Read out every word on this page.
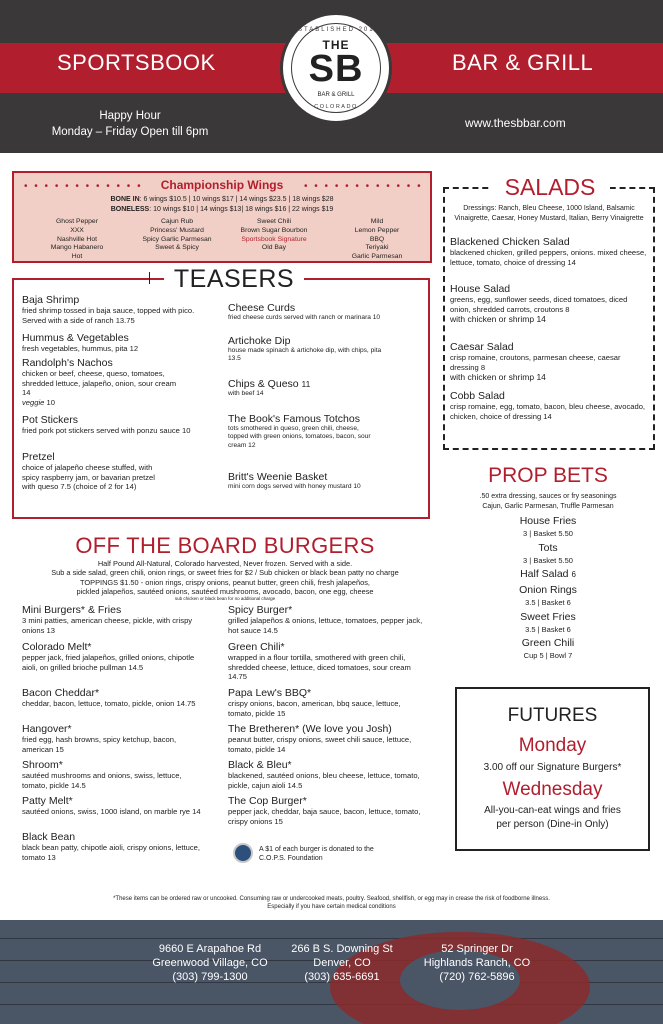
SPORTSBOOK	BAR & GRILL
ESTABLISHED 2012
THE
SB
BAR & GRILL
COLORADO
Happy Hour
Monday – Friday Open till 6pm
www.thesbbar.com
• • • • • • • • • • • •	• • • • • • • • • • • •
Championship Wings
BONE IN: 6 wings $10.5 | 10 wings $17 | 14 wings $23.5 | 18 wings $28
BONELESS: 10 wings $10 | 14 wings $13| 18 wings $16 | 22 wings $19
Ghost Pepper
XXX
Nashville Hot
Mango Habanero
Hot
Cajun Rub
Princess' Mustard
Spicy Garlic Parmesan
Sweet & Spicy
Sweet Chili
Brown Sugar Bourbon
Sportsbook Signature
Old Bay
Mild
Lemon Pepper
BBQ
Teriyaki
Garlic Parmesan
TEASERS
Baja Shrimp
fried shrimp tossed in baja sauce, topped with pico. Served with a side of ranch 13.75
Hummus & Vegetables
fresh vegetables, hummus, pita 12
Randolph's Nachos
chicken or beef, cheese, queso, tomatoes, shredded lettuce, jalapeño, onion, sour cream 14
veggie 10
Pot Stickers
fried pork pot stickers served with ponzu sauce 10
Pretzel
choice of jalapeño cheese stuffed, with spicy raspberry jam, or bavarian pretzel with queso 7.5 (choice of 2 for 14)
Cheese Curds
fried cheese curds served with ranch or marinara 10
Artichoke Dip
house made spinach & artichoke dip, with chips, pita 13.5
Chips & Queso 11
with beef 14
The Book's Famous Totchos
tots smothered in queso, green chili, cheese, topped with green onions, tomatoes, bacon, sour cream 12
Britt's Weenie Basket
mini corn dogs served with honey mustard 10
SALADS
Dressings: Ranch, Bleu Cheese, 1000 Island, Balsamic Vinaigrette, Caesar, Honey Mustard, Italian, Berry Vinaigrette
Blackened Chicken Salad
blackened chicken, grilled peppers, onions. mixed cheese, lettuce, tomato, choice of dressing 14
House Salad
greens, egg, sunflower seeds, diced tomatoes, diced onion, shredded carrots, croutons 8
with chicken or shrimp 14
Caesar Salad
crisp romaine, croutons, parmesan cheese, caesar dressing 8
with chicken or shrimp 14
Cobb Salad
crisp romaine, egg, tomato, bacon, bleu cheese, avocado, chicken, choice of dressing 14
PROP BETS
.50 extra dressing, sauces or fry seasonings
Cajun, Garlic Parmesan, Truffle Parmesan
House Fries
3 | Basket 5.50
Tots
3 | Basket 5.50
Half Salad 6
Onion Rings
3.5 | Basket 6
Sweet Fries
3.5 | Basket 6
Green Chili
Cup 5 | Bowl 7
FUTURES
Monday
3.00 off our Signature Burgers*
Wednesday
All-you-can-eat wings and fries
per person (Dine-in Only)
OFF THE BOARD BURGERS
Half Pound All-Natural, Colorado harvested, Never frozen. Served with a side.
Sub a side salad, green chili, onion rings, or sweet fries for $2 / Sub chicken or black bean patty no charge
TOPPINGS $1.50 - onion rings, crispy onions, peanut butter, green chili, fresh jalapeños,
pickled jalapeños, sautéed onions, sautéed mushrooms, avocado, bacon, one egg, cheese
sub chicken or black bean for no additional charge
Mini Burgers* & Fries
3 mini patties, american cheese, pickle, with crispy onions 13
Colorado Melt*
pepper jack, fried jalapeños, grilled onions, chipotle aioli, on grilled brioche pullman 14.5
Bacon Cheddar*
cheddar, bacon, lettuce, tomato, pickle, onion 14.75
Hangover*
fried egg, hash browns, spicy ketchup, bacon, american 15
Shroom*
sautéed mushrooms and onions, swiss, lettuce, tomato, pickle 14.5
Patty Melt*
sautéed onions, swiss, 1000 island, on marble rye 14
Black Bean
black bean patty, chipotle aioli, crispy onions, lettuce, tomato 13
Spicy Burger*
grilled jalapeños & onions, lettuce, tomatoes, pepper jack, hot sauce 14.5
Green Chili*
wrapped in a flour tortilla, smothered with green chili, shredded cheese, lettuce, diced tomatoes, sour cream 14.75
Papa Lew's BBQ*
crispy onions, bacon, american, bbq sauce, lettuce, tomato, pickle 15
The Bretheren* (We love you Josh)
peanut butter, crispy onions, sweet chili sauce, lettuce, tomato, pickle 14
Black & Bleu*
blackened, sautéed onions, bleu cheese, lettuce, tomato, pickle, cajun aioli 14.5
The Cop Burger*
pepper jack, cheddar, baja sauce, bacon, lettuce, tomato, crispy onions 15
A $1 of each burger is donated to the
C.O.P.S. Foundation
*These items can be ordered raw or uncooked. Consuming raw or undercooked meats, poultry. Seafood, shellfish, or egg may in crease the risk of foodborne illness.
Especially if you have certain medical conditions
9660 E Arapahoe Rd
Greenwood Village, CO
(303) 799-1300
266 B S. Downing St
Denver, CO
(303) 635-6691
52 Springer Dr
Highlands Ranch, CO
(720) 762-5896
